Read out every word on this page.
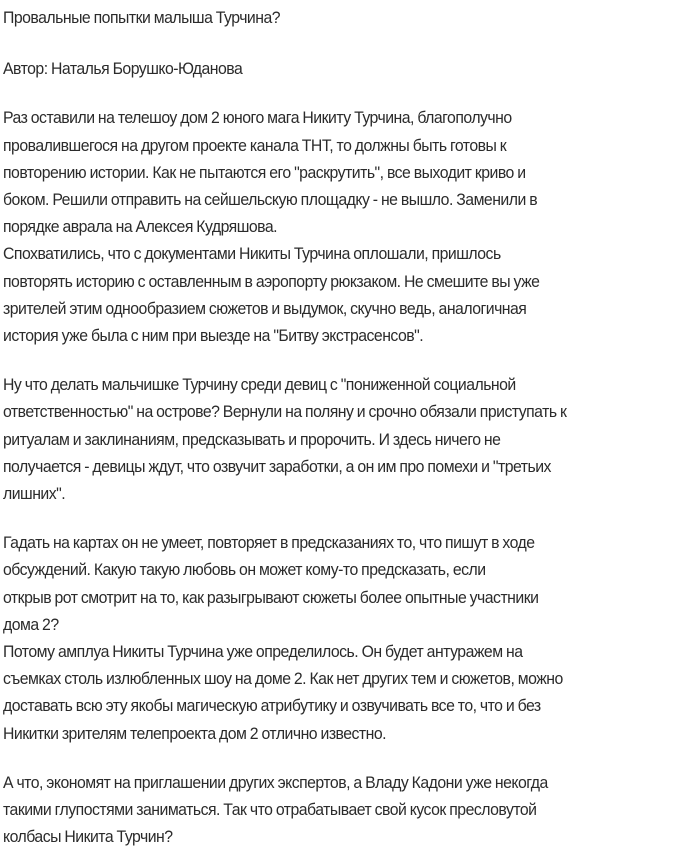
Провальные попытки малыша Турчина?
Автор: Наталья Борушко-Юданова
Раз оставили на телешоу дом 2 юного мага Никиту Турчина, благополучно
провалившегося на другом проекте канала ТНТ, то должны быть готовы к
повторению истории. Как не пытаются его "раскрутить", все выходит криво и
боком. Решили отправить на сейшельскую площадку - не вышло. Заменили в
порядке аврала на Алексея Кудряшова.
Спохватились, что с документами Никиты Турчина оплошали, пришлось
повторять историю с оставленным в аэропорту рюкзаком. Не смешите вы уже
зрителей этим однообразием сюжетов и выдумок, скучно ведь, аналогичная
история уже была с ним при выезде на "Битву экстрасенсов".
Ну что делать мальчишке Турчину среди девиц с "пониженной социальной
ответственностью" на острове? Вернули на поляну и срочно обязали приступать к
ритуалам и заклинаниям, предсказывать и пророчить. И здесь ничего не
получается - девицы ждут, что озвучит заработки, а он им про помехи и "третьих
лишних".
Гадать на картах он не умеет, повторяет в предсказаниях то, что пишут в ходе
обсуждений. Какую такую любовь он может кому-то предсказать, если
открыв рот смотрит на то, как разыгрывают сюжеты более опытные участники
дома 2?
Потому амплуа Никиты Турчина уже определилось. Он будет антуражем на
съемках столь излюбленных шоу на доме 2. Как нет других тем и сюжетов, можно
доставать всю эту якобы магическую атрибутику и озвучивать все то, что и без
Никитки зрителям телепроекта дом 2 отлично известно.
А что, экономят на приглашении других экспертов, а Владу Кадони уже некогда
такими глупостями заниматься. Так что отрабатывает свой кусок пресловутой
колбасы Никита Турчин?
